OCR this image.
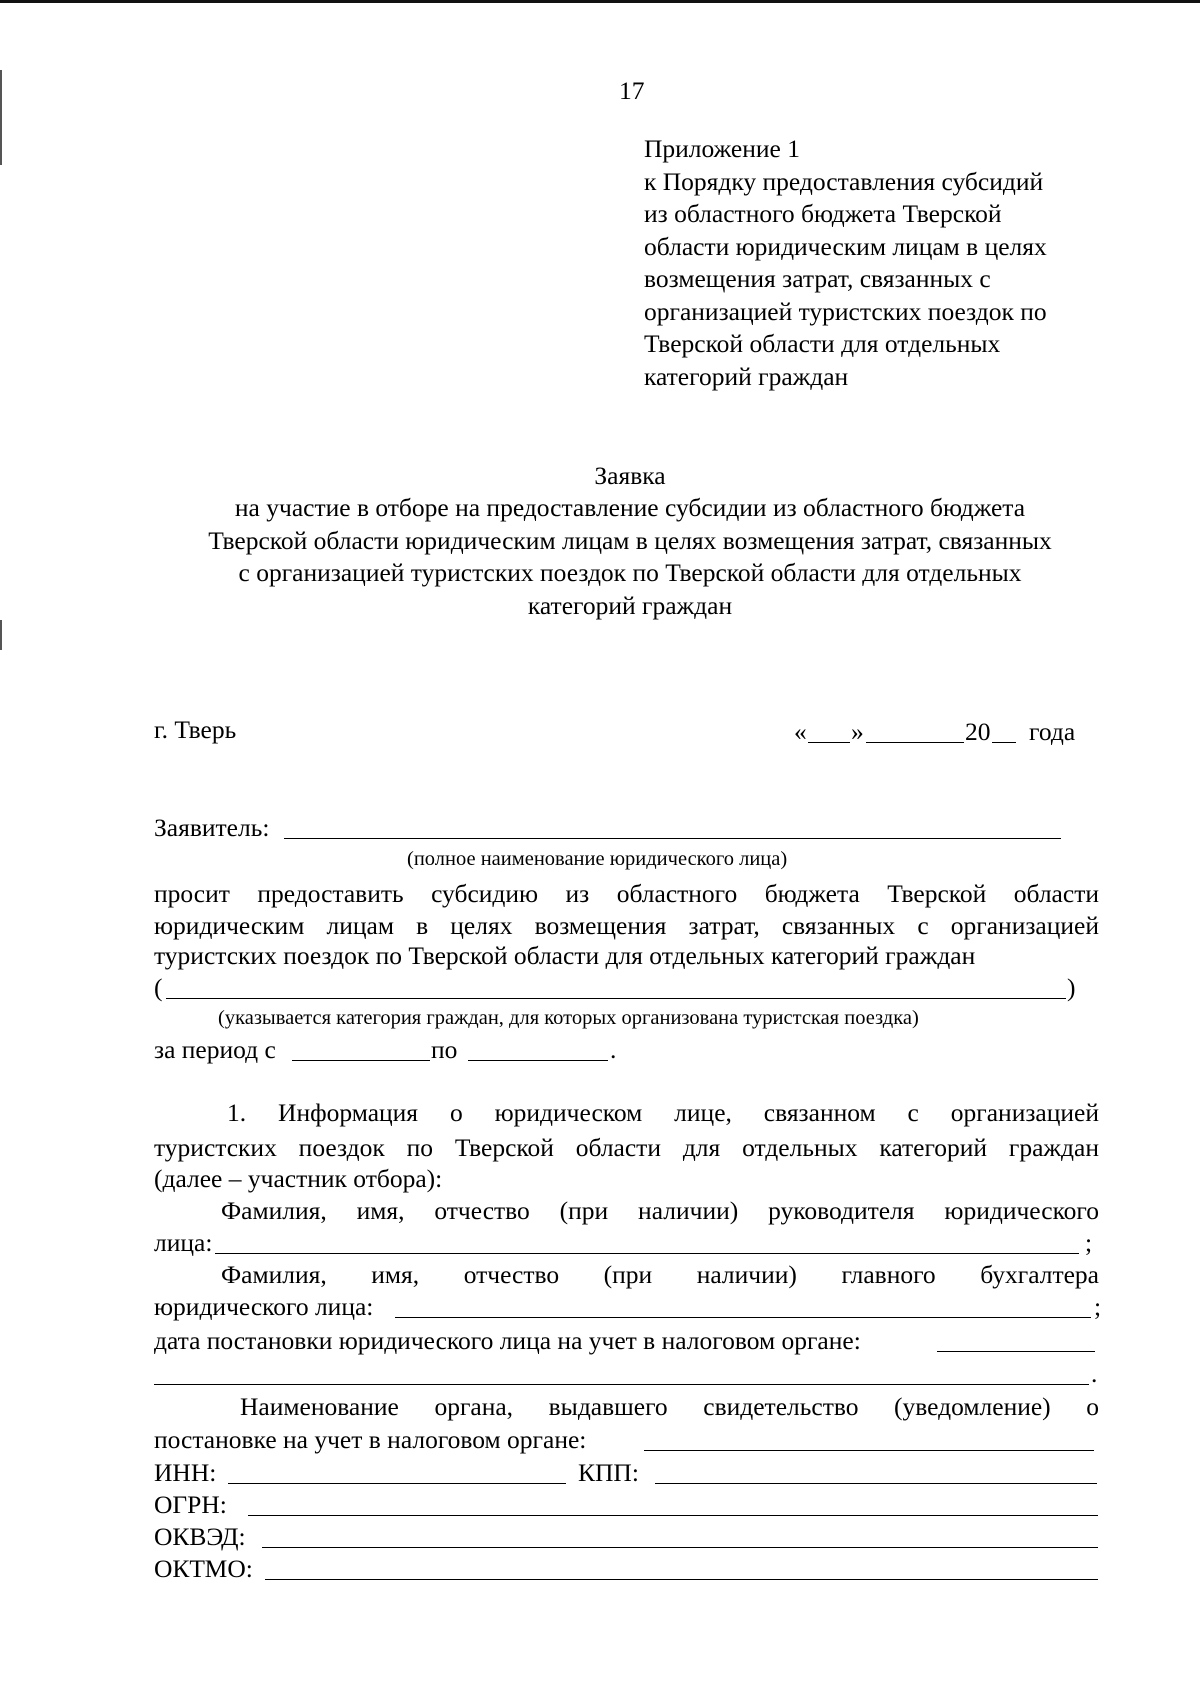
17
Приложение 1
к Порядку предоставления субсидий
из областного бюджета Тверской
области юридическим лицам в целях
возмещения затрат, связанных с
организацией туристских поездок по
Тверской области для отдельных
категорий граждан
Заявка
на участие в отборе на предоставление субсидии из областного бюджета
Тверской области юридическим лицам в целях возмещения затрат, связанных
с организацией туристских поездок по Тверской области для отдельных
категорий граждан
г. Тверь	« »	20 года
Заявитель:
(полное наименование юридического лица)
просит предоставить субсидию из областного бюджета Тверской области
юридическим лицам в целях возмещения затрат, связанных с организацией
туристских поездок по Тверской области для отдельных категорий граждан
(	)
(указывается категория граждан, для которых организована туристская поездка)
за период с	по	.
1. Информация о юридическом лице, связанном с организацией
туристских поездок по Тверской области для отдельных категорий граждан
(далее – участник отбора):
Фамилия, имя, отчество (при наличии) руководителя юридического
лица:	;
Фамилия, имя, отчество (при наличии) главного бухгалтера
юридического лица:	;
дата постановки юридического лица на учет в налоговом органе:
.
Наименование органа, выдавшего свидетельство (уведомление) о
постановке на учет в налоговом органе:
ИНН:	КПП:
ОГРН:
ОКВЭД:
ОКТМО:
